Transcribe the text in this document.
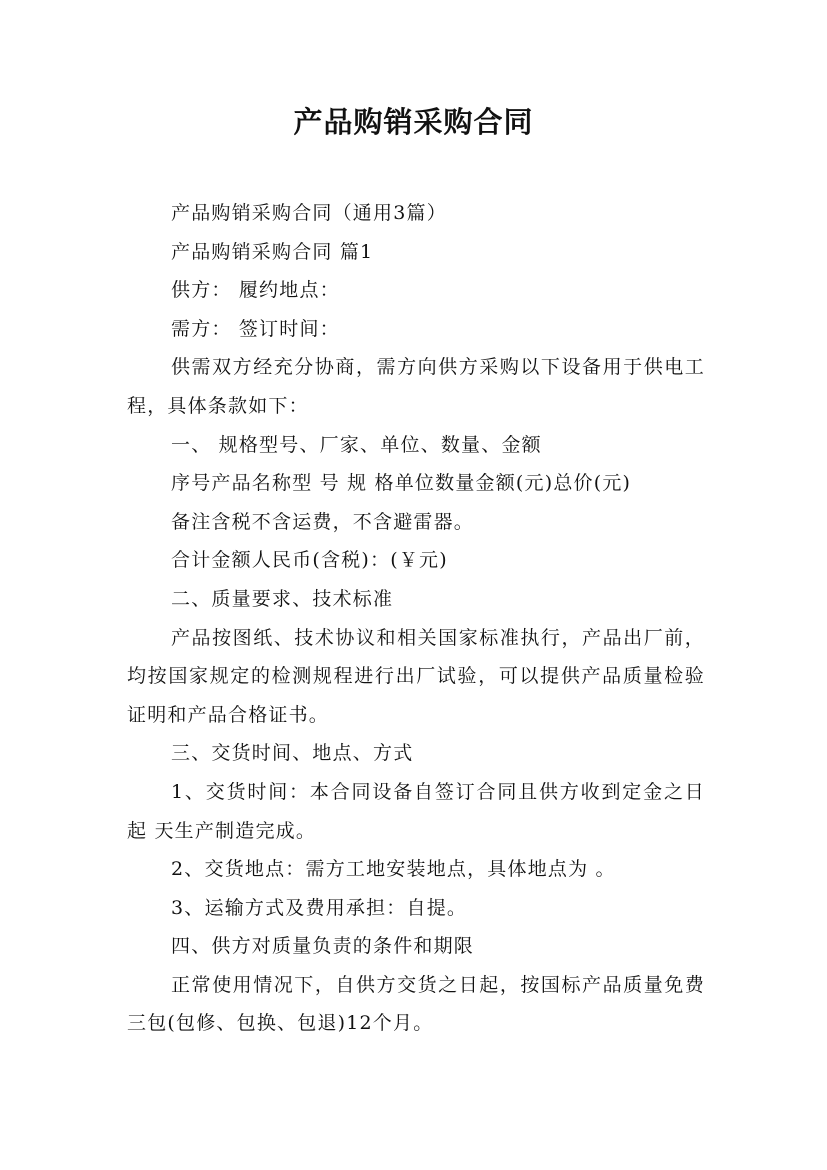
产品购销采购合同

产品购销采购合同（通用3篇）

产品购销采购合同 篇1

供方： 履约地点：

需方： 签订时间：

供需双方经充分协商，需方向供方采购以下设备用于供电工程，具体条款如下：

一、 规格型号、厂家、单位、数量、金额

序号产品名称型 号 规 格单位数量金额(元)总价(元)

备注含税不含运费，不含避雷器。

合计金额人民币(含税)：(￥元)

二、质量要求、技术标准

产品按图纸、技术协议和相关国家标准执行，产品出厂前，均按国家规定的检测规程进行出厂试验，可以提供产品质量检验证明和产品合格证书。

三、交货时间、地点、方式

1、交货时间：本合同设备自签订合同且供方收到定金之日起 天生产制造完成。

2、交货地点：需方工地安装地点，具体地点为 。

3、运输方式及费用承担：自提。

四、供方对质量负责的条件和期限

正常使用情况下，自供方交货之日起，按国标产品质量免费三包(包修、包换、包退)12个月。
